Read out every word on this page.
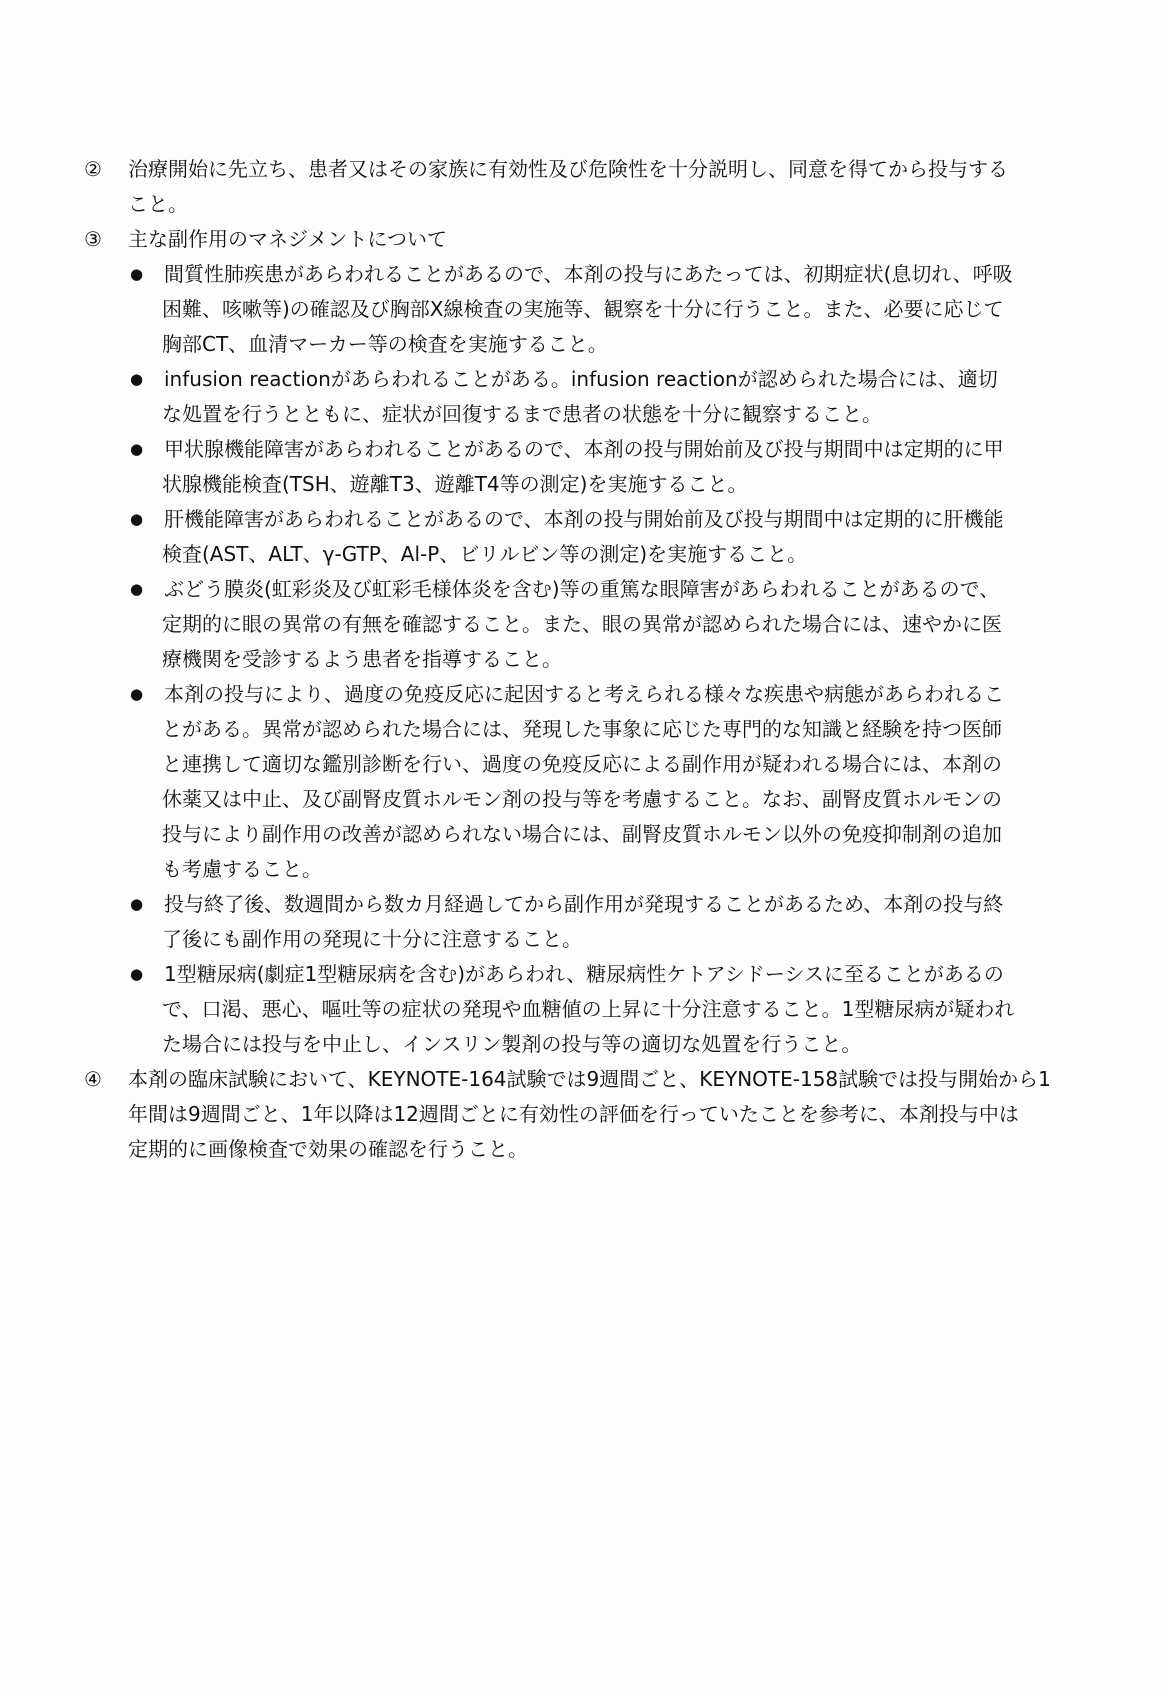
②	治療開始に先立ち、患者又はその家族に有効性及び危険性を十分説明し、同意を得てから投与する
こと。
③	主な副作用のマネジメントについて
●	間質性肺疾患があらわれることがあるので、本剤の投与にあたっては、初期症状(息切れ、呼吸
困難、咳嗽等)の確認及び胸部X線検査の実施等、観察を十分に行うこと。また、必要に応じて
胸部CT、血清マーカー等の検査を実施すること。
●	infusion reactionがあらわれることがある。infusion reactionが認められた場合には、適切
な処置を行うとともに、症状が回復するまで患者の状態を十分に観察すること。
●	甲状腺機能障害があらわれることがあるので、本剤の投与開始前及び投与期間中は定期的に甲
状腺機能検査(TSH、遊離T3、遊離T4等の測定)を実施すること。
●	肝機能障害があらわれることがあるので、本剤の投与開始前及び投与期間中は定期的に肝機能
検査(AST、ALT、γ-GTP、Al-P、ビリルビン等の測定)を実施すること。
●	ぶどう膜炎(虹彩炎及び虹彩毛様体炎を含む)等の重篤な眼障害があらわれることがあるので、
定期的に眼の異常の有無を確認すること。また、眼の異常が認められた場合には、速やかに医
療機関を受診するよう患者を指導すること。
●	本剤の投与により、過度の免疫反応に起因すると考えられる様々な疾患や病態があらわれるこ
とがある。異常が認められた場合には、発現した事象に応じた専門的な知識と経験を持つ医師
と連携して適切な鑑別診断を行い、過度の免疫反応による副作用が疑われる場合には、本剤の
休薬又は中止、及び副腎皮質ホルモン剤の投与等を考慮すること。なお、副腎皮質ホルモンの
投与により副作用の改善が認められない場合には、副腎皮質ホルモン以外の免疫抑制剤の追加
も考慮すること。
●	投与終了後、数週間から数カ月経過してから副作用が発現することがあるため、本剤の投与終
了後にも副作用の発現に十分に注意すること。
●	1型糖尿病(劇症1型糖尿病を含む)があらわれ、糖尿病性ケトアシドーシスに至ることがあるの
で、口渇、悪心、嘔吐等の症状の発現や血糖値の上昇に十分注意すること。1型糖尿病が疑われ
た場合には投与を中止し、インスリン製剤の投与等の適切な処置を行うこと。
④	本剤の臨床試験において、KEYNOTE-164試験では9週間ごと、KEYNOTE-158試験では投与開始から1
年間は9週間ごと、1年以降は12週間ごとに有効性の評価を行っていたことを参考に、本剤投与中は
定期的に画像検査で効果の確認を行うこと。
